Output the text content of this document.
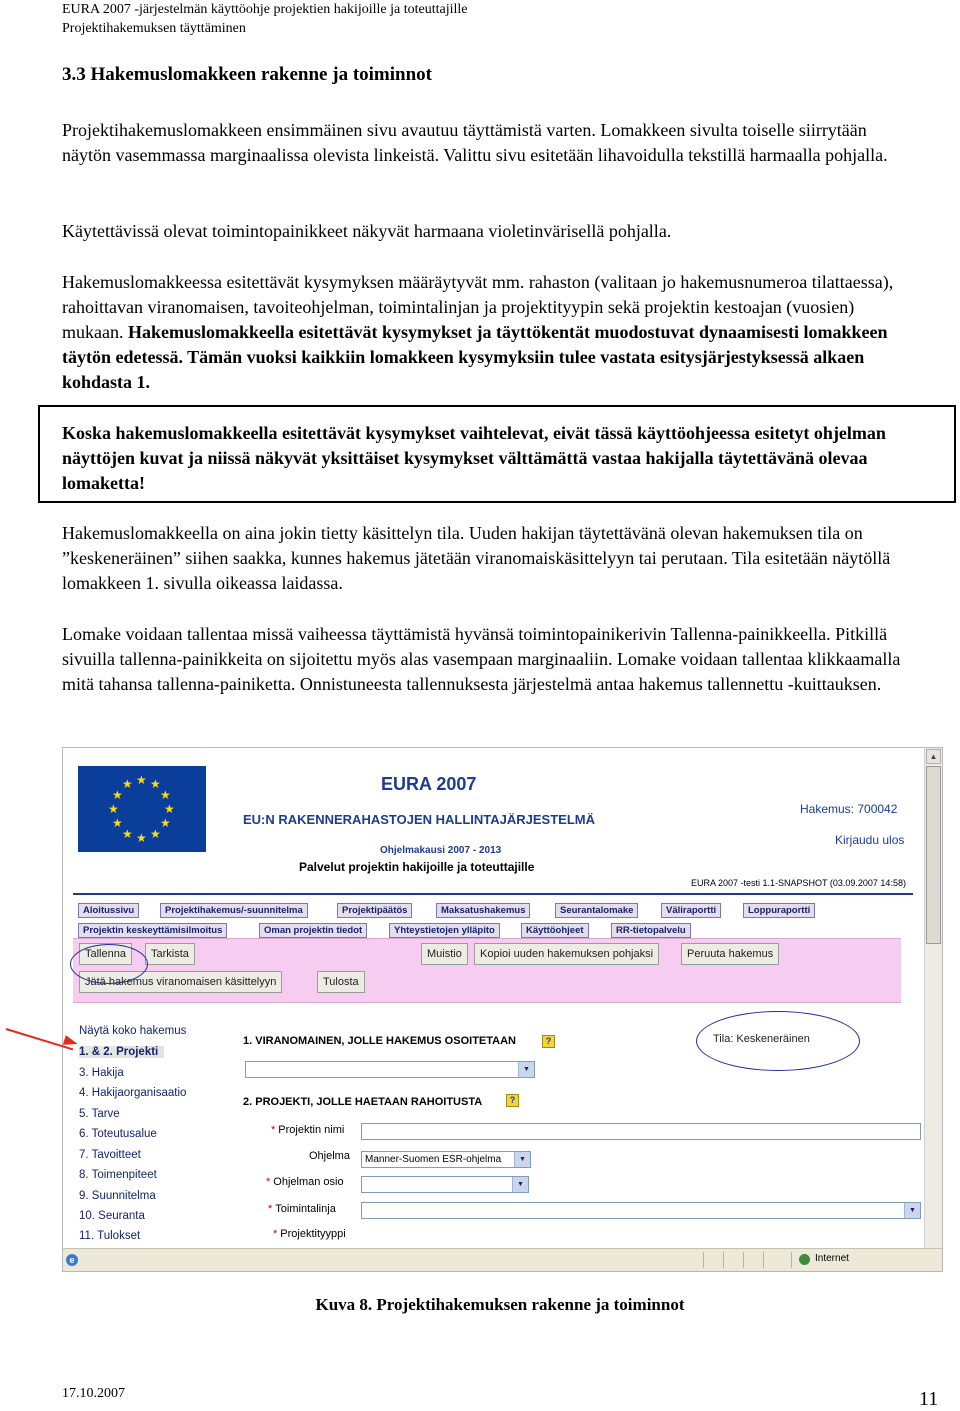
EURA 2007 -järjestelmän käyttöohje projektien hakijoille ja toteuttajille
Projektihakemuksen täyttäminen
3.3 Hakemuslomakkeen rakenne ja toiminnot
Projektihakemuslomakkeen ensimmäinen sivu avautuu täyttämistä varten. Lomakkeen sivulta toiselle siirrytään näytön vasemmassa marginaalissa olevista linkeistä. Valittu sivu esitetään lihavoidulla tekstillä harmaalla pohjalla.
Käytettävissä olevat toimintopainikkeet näkyvät harmaana violetinvärisellä pohjalla.
Hakemuslomakkeessa esitettävät kysymyksen määräytyvät mm. rahaston (valitaan jo hakemusnumeroa tilattaessa), rahoittavan viranomaisen, tavoiteohjelman, toimintalinjan ja projektityypin sekä projektin kestoajan (vuosien) mukaan. Hakemuslomakkeella esitettävät kysymykset ja täyttökentät muodostuvat dynaamisesti lomakkeen täytön edetessä. Tämän vuoksi kaikkiin lomakkeen kysymyksiin tulee vastata esitysjärjestyksessä alkaen kohdasta 1.

Koska hakemuslomakkeella esitettävät kysymykset vaihtelevat, eivät tässä käyttöohjeessa esitetyt ohjelman näyttöjen kuvat ja niissä näkyvät yksittäiset kysymykset välttämättä vastaa hakijalla täytettävänä olevaa lomaketta!

Hakemuslomakkeella on aina jokin tietty käsittelyn tila. Uuden hakijan täytettävänä olevan hakemuksen tila on ”keskeneräinen” siihen saakka, kunnes hakemus jätetään viranomaiskäsittelyyn tai perutaan. Tila esitetään näytöllä lomakkeen 1. sivulla oikeassa laidassa.
Lomake voidaan tallentaa missä vaiheessa täyttämistä hyvänsä toimintopainikerivin Tallenna-painikkeella. Pitkillä sivuilla tallenna-painikkeita on sijoitettu myös alas vasempaan marginaaliin. Lomake voidaan tallentaa klikkaamalla mitä tahansa tallenna-painiketta. Onnistuneesta tallennuksesta järjestelmä antaa hakemus tallennettu -kuittauksen.
★ ★
★
★
★
★
★
★
★
★
★
★	EURA 2007
EU:N RAKENNERAHASTOJEN HALLINTAJÄRJESTELMÄ
Ohjelmakausi 2007 - 2013
Palvelut projektin hakijoille ja toteuttajille
Hakemus: 700042
Kirjaudu ulos
EURA 2007 -testi 1.1-SNAPSHOT (03.09.2007 14:58)
Aloitussivu	Projektihakemus/-suunnitelma	Projektipäätös	Maksatushakemus	Seurantalomake	Väliraportti	Loppuraportti
Projektin keskeyttämisilmoitus	Oman projektin tiedot	Yhteystietojen ylläpito	Käyttöohjeet	RR-tietopalvelu
Tallenna	Tarkista	Muistio	Kopioi uuden hakemuksen pohjaksi	Peruuta hakemus
Jätä hakemus viranomaisen käsittelyyn	Tulosta
Näytä koko hakemus
1. & 2. Projekti
3. Hakija
4. Hakijaorganisaatio
5. Tarve
6. Toteutusalue
7. Tavoitteet
8. Toimenpiteet
9. Suunnitelma
10. Seuranta
11. Tulokset
1. VIRANOMAINEN, JOLLE HAKEMUS OSOITETAAN	?
▼
Tila: Keskeneräinen
2. PROJEKTI, JOLLE HAETAAN RAHOITUSTA	?
* Projektin nimi
Ohjelma	Manner-Suomen ESR-ohjelma	▼
* Ohjelman osio	▼
* Toimintalinja	▼
* Projektityyppi
▲
e	Internet
Kuva 8. Projektihakemuksen rakenne ja toiminnot
17.10.2007	11
